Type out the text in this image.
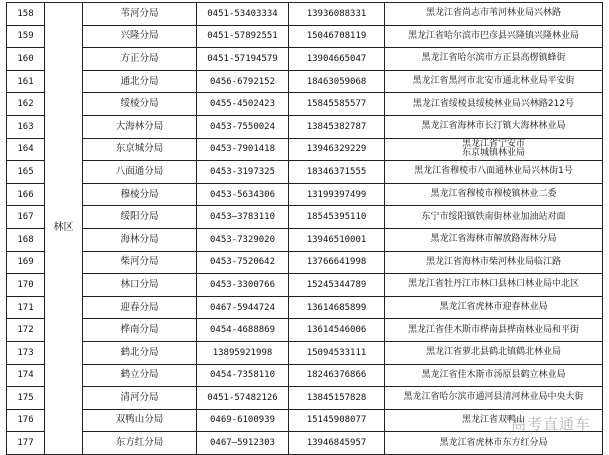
158	林区	苇河分局	0451-53403334	13936088331	黑龙江省尚志市苇河林业局兴林路
159		兴隆分局	0451-57892551	15046708119	黑龙江省哈尔滨市巴彦县兴隆镇兴隆林业局
160		方正分局	0451-57194579	13904665047	黑龙江省哈尔滨市方正县高楞镇蜂街
161		通北分局	0456-6792152	18463059068	黑龙江省黑河市北安市通北林业局平安街
162		绥棱分局	0455-4502423	15845585577	黑龙江省绥棱县绥棱林业局兴林路212号
163		大海林分局	0453-7550024	13845382787	黑龙江省海林市长汀镇大海林林业局
164		东京城分局	0453-7901418	13946329229	黑龙江省宁安市
东京城镇林业局
165		八面通分局	0453-3197325	18346371555	黑龙江省穆棱市八面通林业局兴林街1号
166		穆棱分局	0453-5634306	13199397499	黑龙江省穆棱市穆棱镇林业二委
167		绥阳分局	0453—3783110	18545395110	东宁市绥阳镇铁南街林业加油站对面
168		海林分局	0453-7329020	13946510001	黑龙江省海林市解放路海林分局
169		柴河分局	0453-7520642	13766641998	黑龙江省海林市柴河林业局临江路
170		林口分局	0453-3300766	15245344789	黑龙江省牡丹江市林口县林口林业局中北区
171		迎春分局	0467-5944724	13614685899	黑龙江省虎林市迎春林业局
172		桦南分局	0454-4688869	13614546006	黑龙江省佳木斯市桦南县桦南林业局和平街
173		鹤北分局	13895921998	15094533111	黑龙江省萝北县鹤北镇鹤北林业局
174		鹤立分局	0454-7358110	18246376866	黑龙江省佳木斯市汤原县鹤立林业局
175		清河分局	0451-57482126	13845157828	黑龙江省哈尔滨市通河县清河林业局中央大街
176		双鸭山分局	0469-6100939	15145908077	黑龙江省双鸭山
177		东方红分局	0467—5912303	13946845957	黑龙江省虎林市东方红分局
高考直通车
